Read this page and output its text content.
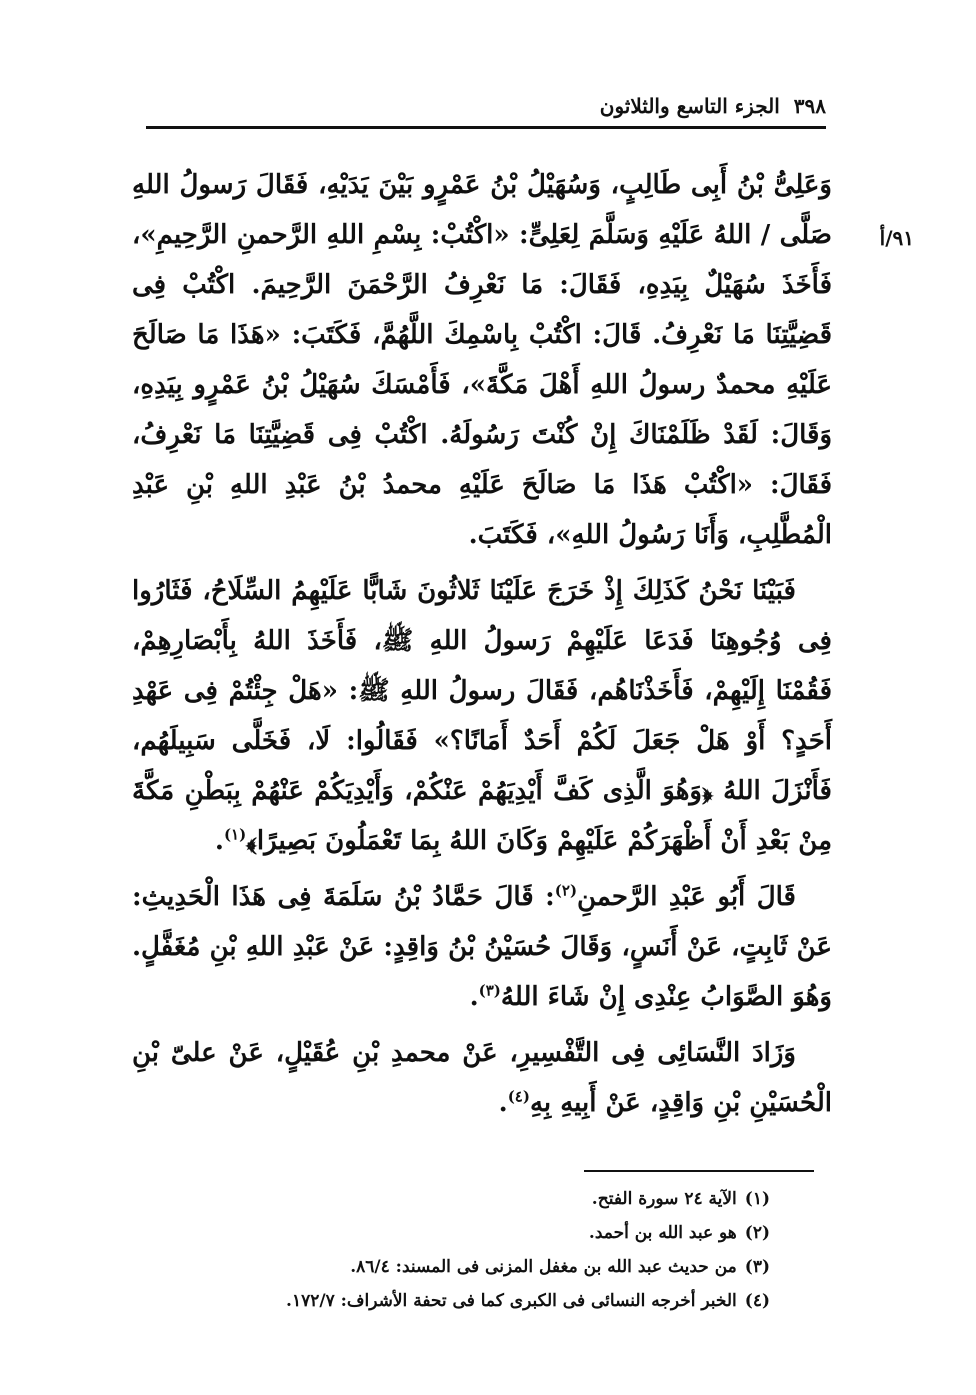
٣٩٨
الجزء التاسع والثلاثون
٩١/أ

وَعَلِىُّ بْنُ أَبِى طَالِبٍ، وَسُهَيْلُ بْنُ عَمْرٍو بَيْنَ يَدَيْهِ، فَقَالَ رَسولُ اللهِ صَلَّى / اللهُ عَلَيْهِ وَسَلَّمَ لِعَلِىٍّ: «اكْتُبْ: بِسْمِ اللهِ الرَّحمنِ الرَّحِيمِ»، فَأَخَذَ سُهَيْلٌ بِيَدِهِ، فَقَالَ: مَا نَعْرِفُ الرَّحْمَنَ الرَّحِيمَ. اكْتُبْ فِى قَضِيَّتِنَا مَا نَعْرِفُ. قَالَ: اكْتُبْ بِاسْمِكَ اللَّهُمَّ، فَكَتَبَ: «هَذَا مَا صَالَحَ عَلَيْهِ محمدٌ رسولُ اللهِ أَهْلَ مَكَّةَ»، فَأَمْسَكَ سُهَيْلُ بْنُ عَمْرٍو بِيَدِهِ، وَقَالَ: لَقَدْ ظَلَمْنَاكَ إِنْ كُنْتَ رَسُولَهُ. اكْتُبْ فِى قَضِيَّتِنَا مَا نَعْرِفُ، فَقَالَ: «اكْتُبْ هَذَا مَا صَالَحَ عَلَيْهِ محمدُ بْنُ عَبْدِ اللهِ بْنِ عَبْدِ الْمُطَّلِبِ، وَأَنَا رَسُولُ اللهِ»، فَكَتَبَ.

فَبَيْنَا نَحْنُ كَذَلِكَ إِذْ خَرَجَ عَلَيْنَا ثَلاثُونَ شَابًّا عَلَيْهِمُ السِّلَاحُ، فَثَارُوا فِى وُجُوهِنَا فَدَعَا عَلَيْهِمْ رَسولُ اللهِ ﷺ، فَأَخَذَ اللهُ بِأَبْصَارِهِمْ، فَقُمْنَا إِلَيْهِمْ، فَأَخَذْنَاهُم، فَقَالَ رسولُ اللهِ ﷺ: «هَلْ جِئْتُمْ فِى عَهْدِ أَحَدٍ؟ أَوْ هَلْ جَعَلَ لَكُمْ أَحَدٌ أَمَانًا؟» فَقَالُوا: لَا، فَخَلَّى سَبِيلَهُم، فَأَنْزَلَ اللهُ ﴿وَهُوَ الَّذِى كَفَّ أَيْدِيَهُمْ عَنْكُمْ، وَأَيْدِيَكُمْ عَنْهُمْ بِبَطْنِ مَكَّةَ مِنْ بَعْدِ أَنْ أَظْهَرَكُمْ عَلَيْهِمْ وَكَانَ اللهُ بِمَا تَعْمَلُونَ بَصِيرًا﴾$^{(١)}$.

قَالَ أَبُو عَبْدِ الرَّحمنِ$^{(٢)}$: قَالَ حَمَّادُ بْنُ سَلَمَةَ فِى هَذَا الْحَدِيثِ: عَنْ ثَابِتٍ، عَنْ أَنَسٍ، وَقَالَ حُسَيْنُ بْنُ وَاقِدٍ: عَنْ عَبْدِ اللهِ بْنِ مُغَفَّلٍ. وَهُوَ الصَّوَابُ عِنْدِى إِنْ شَاءَ اللهُ$^{(٣)}$.

وَزَادَ النَّسَائِى فِى التَّفْسِيرِ، عَنْ محمدِ بْنِ عُقَيْلٍ، عَنْ علىّ بْنِ الْحُسَيْنِ بْنِ وَاقِدٍ، عَنْ أَبِيهِ بِهِ$^{(٤)}$.

(١)الآية ٢٤ سورة الفتح.
(٢)هو عبد الله بن أحمد.
(٣)من حديث عبد الله بن مغفل المزنى فى المسند: ٨٦/٤.
(٤)الخبر أخرجه النسائى فى الكبرى كما فى تحفة الأشراف: ١٧٢/٧.
